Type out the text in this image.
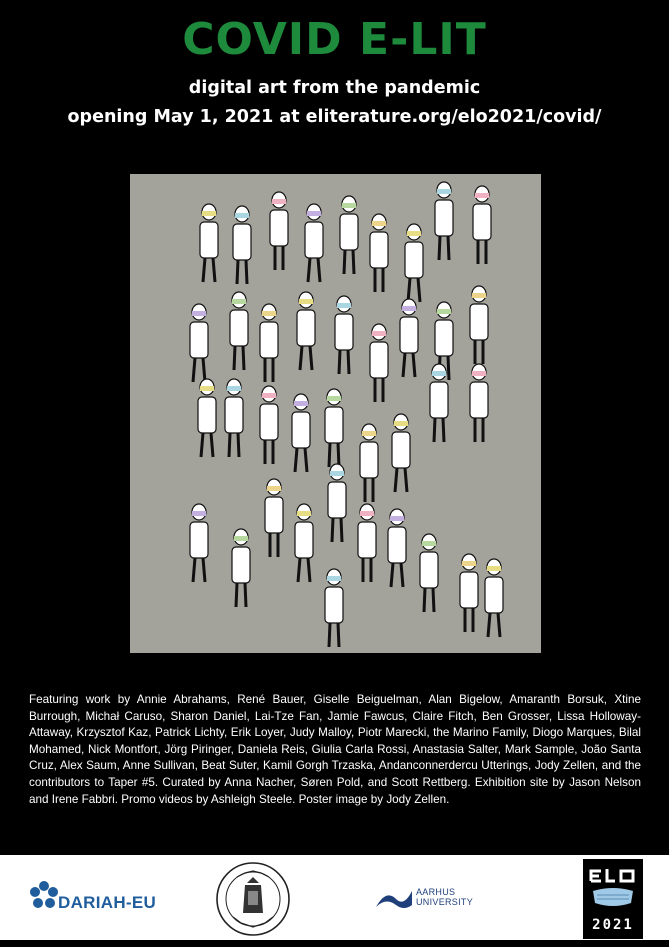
COVID E-LIT
digital art from the pandemic
opening May 1, 2021 at eliterature.org/elo2021/covid/
Featuring work by Annie Abrahams, René Bauer, Giselle Beiguelman, Alan Bigelow, Amaranth Borsuk, Xtine Burrough, Michał Caruso, Sharon Daniel, Lai-Tze Fan, Jamie Fawcus, Claire Fitch, Ben Grosser, Lissa Holloway-Attaway, Krzysztof Kaz, Patrick Lichty, Erik Loyer, Judy Malloy, Piotr Marecki, the Marino Family, Diogo Marques, Bilal Mohamed, Nick Montfort, Jörg Piringer, Daniela Reis, Giulia Carla Rossi, Anastasia Salter, Mark Sample, João Santa Cruz, Alex Saum, Anne Sullivan, Beat Suter, Kamil Gorgh Trzaska, Andanconnerdercu Utterings, Jody Zellen, and the contributors to Taper #5. Curated by Anna Nacher, Søren Pold, and Scott Rettberg. Exhibition site by Jason Nelson and Irene Fabbri. Promo videos by Ashleigh Steele. Poster image by Jody Zellen.
DARIAH-EU
AARHUS
UNIVERSITY
2021
